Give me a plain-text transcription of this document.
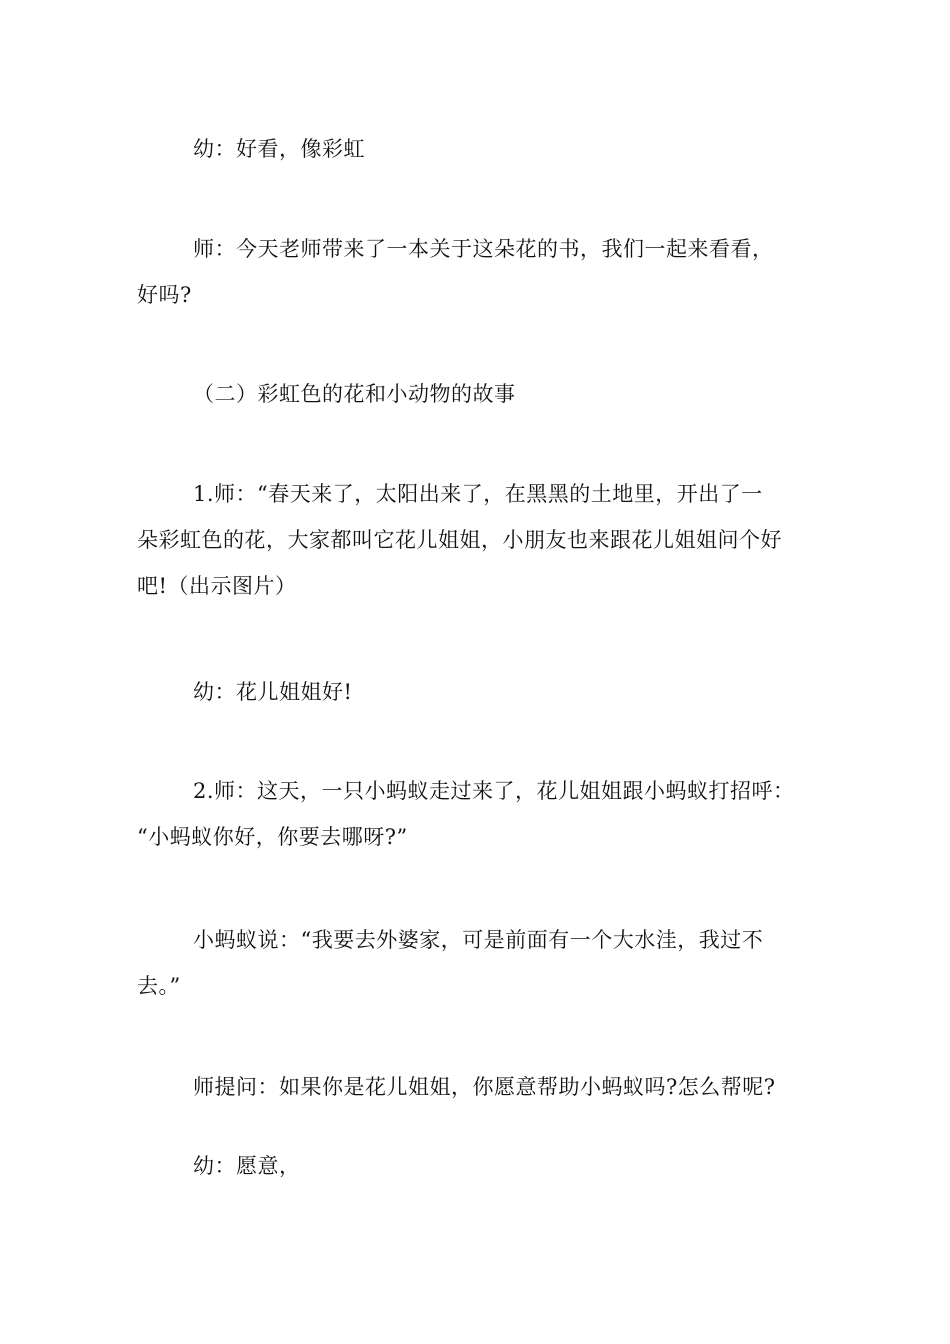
幼：好看，像彩虹

师：今天老师带来了一本关于这朵花的书，我们一起来看看，
好吗?

（二）彩虹色的花和小动物的故事

1.师：“春天来了，太阳出来了，在黑黑的土地里，开出了一
朵彩虹色的花，大家都叫它花儿姐姐，小朋友也来跟花儿姐姐问个好
吧!（出示图片）

幼：花儿姐姐好!

2.师：这天，一只小蚂蚁走过来了，花儿姐姐跟小蚂蚁打招呼：
“小蚂蚁你好，你要去哪呀?”

小蚂蚁说：“我要去外婆家，可是前面有一个大水洼，我过不
去。”

师提问：如果你是花儿姐姐，你愿意帮助小蚂蚁吗?怎么帮呢?

幼：愿意，
